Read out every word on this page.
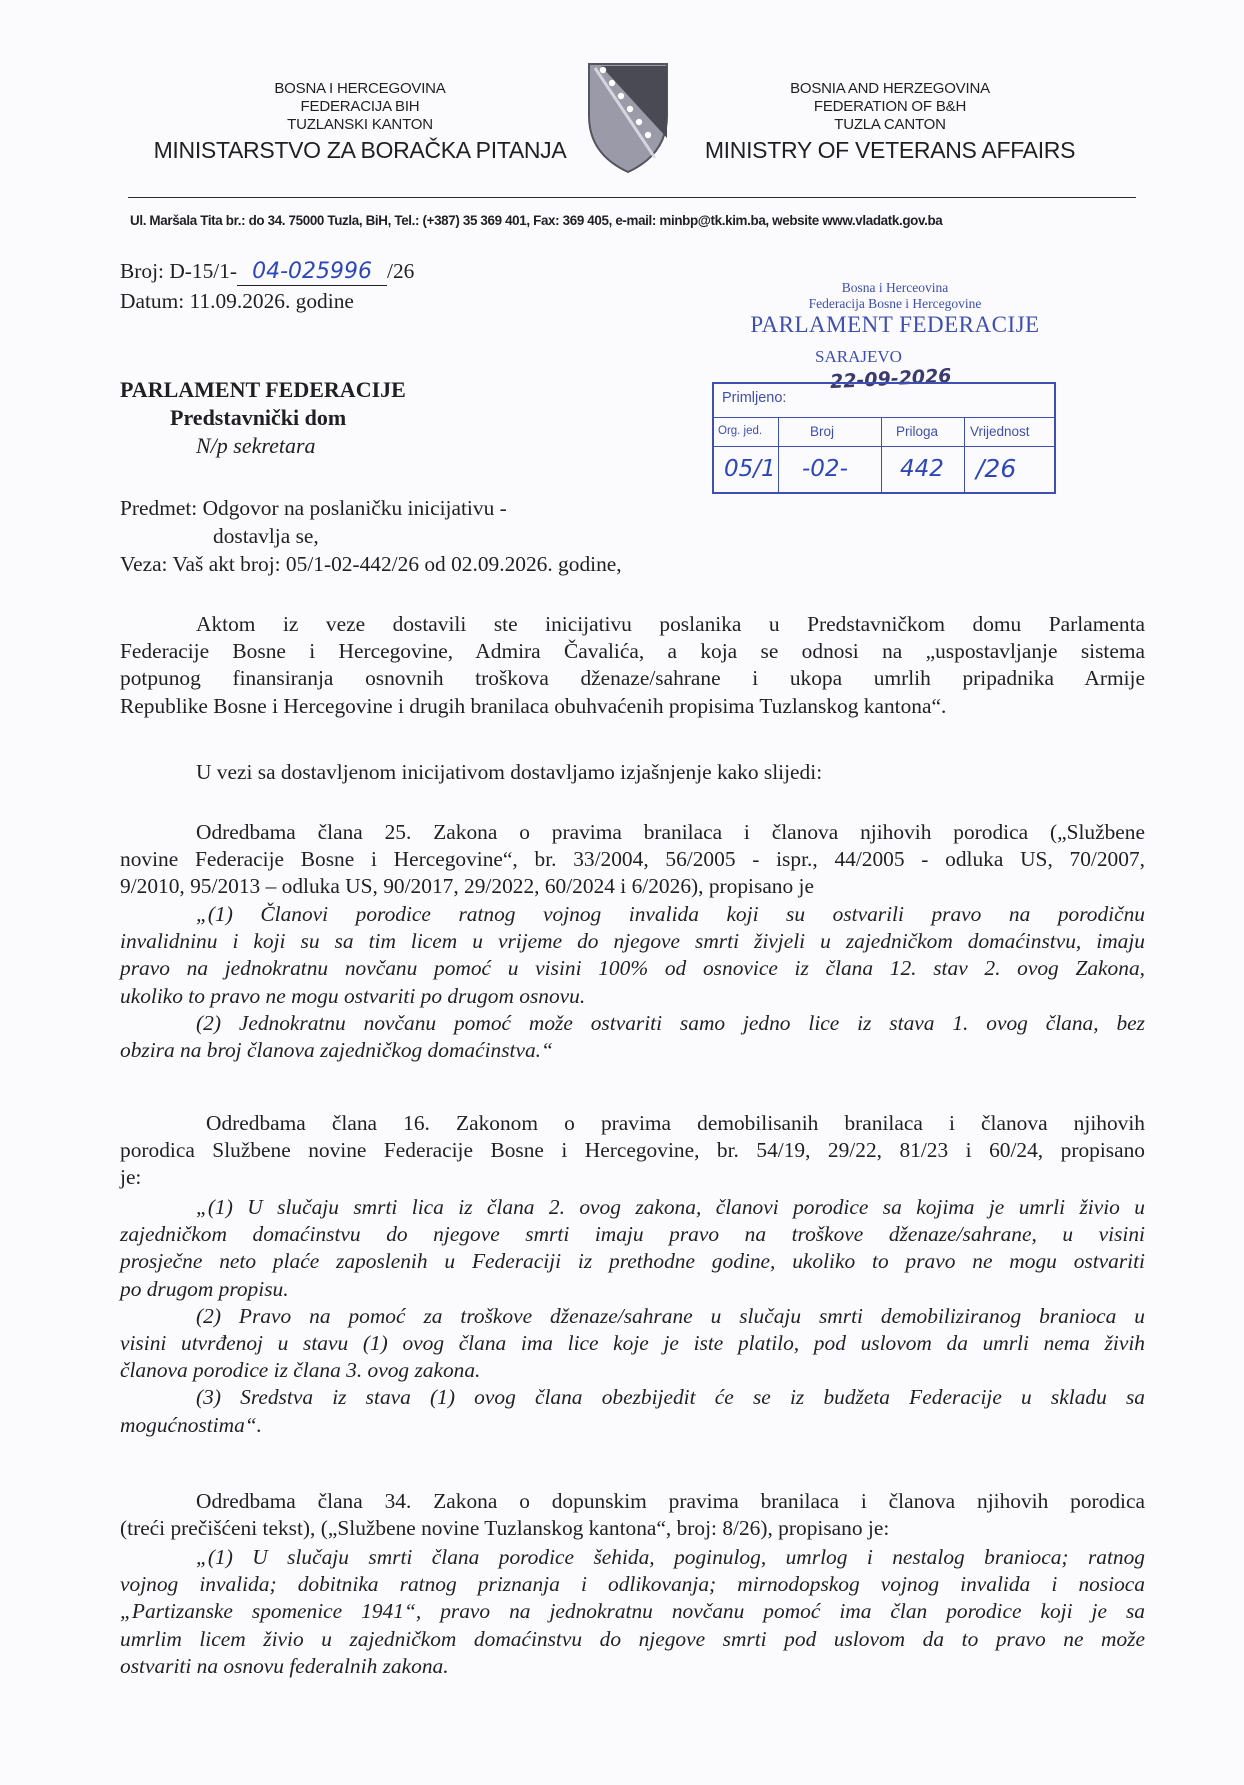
BOSNA I HERCEGOVINA
FEDERACIJA BIH
TUZLANSKI KANTON
MINISTARSTVO ZA BORAČKA PITANJA
BOSNIA AND HERZEGOVINA
FEDERATION OF B&H
TUZLA CANTON
MINISTRY OF VETERANS AFFAIRS
Ul. Maršala Tita br.: do 34. 75000 Tuzla, BiH, Tel.: (+387) 35 369 401, Fax: 369 405, e-mail: minbp@tk.kim.ba, website www.vladatk.gov.ba
Broj: D-15/1- 04-025996 /26
Datum: 11.09.2026. godine
Bosna i Herceovina
Federacija Bosne i Hercegovine
PARLAMENT FEDERACIJE
SARAJEVO
22-09-2026
Primljeno:
Org. jed.	Broj	Priloga Vrijednost
05/1 -02- 442 /26
PARLAMENT FEDERACIJE
Predstavnički dom
N/p sekretara
Predmet: Odgovor na poslaničku inicijativu -
dostavlja se,
Veza: Vaš akt broj: 05/1-02-442/26 od 02.09.2026. godine,
Aktom iz veze dostavili ste inicijativu poslanika u Predstavničkom domu Parlamenta
Federacije Bosne i Hercegovine, Admira Čavalića, a koja se odnosi na „uspostavljanje sistema
potpunog finansiranja osnovnih troškova dženaze/sahrane i ukopa umrlih pripadnika Armije
Republike Bosne i Hercegovine i drugih branilaca obuhvaćenih propisima Tuzlanskog kantona“.
U vezi sa dostavljenom inicijativom dostavljamo izjašnjenje kako slijedi:
Odredbama člana 25. Zakona o pravima branilaca i članova njihovih porodica („Službene
novine Federacije Bosne i Hercegovine“, br. 33/2004, 56/2005 - ispr., 44/2005 - odluka US, 70/2007,
9/2010, 95/2013 – odluka US, 90/2017, 29/2022, 60/2024 i 6/2026), propisano je
„(1) Članovi porodice ratnog vojnog invalida koji su ostvarili pravo na porodičnu
invalidninu i koji su sa tim licem u vrijeme do njegove smrti živjeli u zajedničkom domaćinstvu, imaju
pravo na jednokratnu novčanu pomoć u visini 100% od osnovice iz člana 12. stav 2. ovog Zakona,
ukoliko to pravo ne mogu ostvariti po drugom osnovu.
(2) Jednokratnu novčanu pomoć može ostvariti samo jedno lice iz stava 1. ovog člana, bez
obzira na broj članova zajedničkog domaćinstva.“
Odredbama člana 16. Zakonom o pravima demobilisanih branilaca i članova njihovih
porodica Službene novine Federacije Bosne i Hercegovine, br. 54/19, 29/22, 81/23 i 60/24, propisano
je:
„(1) U slučaju smrti lica iz člana 2. ovog zakona, članovi porodice sa kojima je umrli živio u
zajedničkom domaćinstvu do njegove smrti imaju pravo na troškove dženaze/sahrane, u visini
prosječne neto plaće zaposlenih u Federaciji iz prethodne godine, ukoliko to pravo ne mogu ostvariti
po drugom propisu.
(2) Pravo na pomoć za troškove dženaze/sahrane u slučaju smrti demobiliziranog branioca u
visini utvrđenoj u stavu (1) ovog člana ima lice koje je iste platilo, pod uslovom da umrli nema živih
članova porodice iz člana 3. ovog zakona.
(3) Sredstva iz stava (1) ovog člana obezbijedit će se iz budžeta Federacije u skladu sa
mogućnostima“.
Odredbama člana 34. Zakona o dopunskim pravima branilaca i članova njihovih porodica
(treći prečišćeni tekst), („Službene novine Tuzlanskog kantona“, broj: 8/26), propisano je:
„(1) U slučaju smrti člana porodice šehida, poginulog, umrlog i nestalog branioca; ratnog
vojnog invalida; dobitnika ratnog priznanja i odlikovanja; mirnodopskog vojnog invalida i nosioca
„Partizanske spomenice 1941“, pravo na jednokratnu novčanu pomoć ima član porodice koji je sa
umrlim licem živio u zajedničkom domaćinstvu do njegove smrti pod uslovom da to pravo ne može
ostvariti na osnovu federalnih zakona.
